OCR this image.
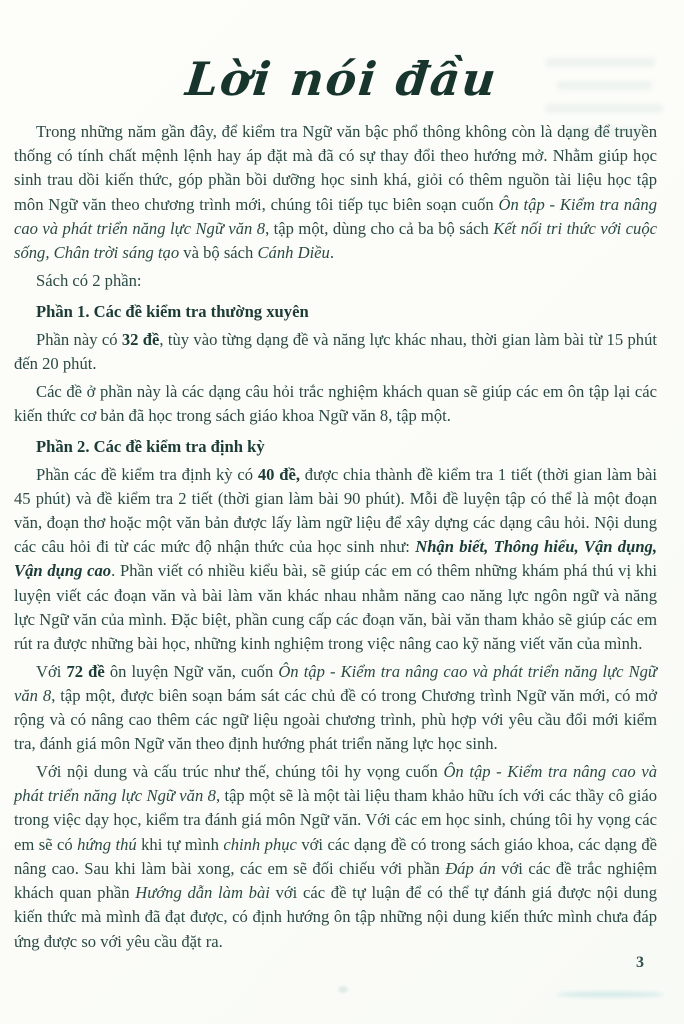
Lời nói đầu

Trong những năm gần đây, để kiểm tra Ngữ văn bậc phổ thông không còn là dạng để truyền thống có tính chất mệnh lệnh hay áp đặt mà đã có sự thay đổi theo hướng mở. Nhằm giúp học sinh trau dồi kiến thức, góp phần bồi dưỡng học sinh khá, giỏi có thêm nguồn tài liệu học tập môn Ngữ văn theo chương trình mới, chúng tôi tiếp tục biên soạn cuốn Ôn tập - Kiểm tra nâng cao và phát triển năng lực Ngữ văn 8, tập một, dùng cho cả ba bộ sách Kết nối tri thức với cuộc sống, Chân trời sáng tạo và bộ sách Cánh Diều.

Sách có 2 phần:

Phần 1. Các đề kiểm tra thường xuyên

Phần này có 32 đề, tùy vào từng dạng đề và năng lực khác nhau, thời gian làm bài từ 15 phút đến 20 phút.

Các đề ở phần này là các dạng câu hỏi trắc nghiệm khách quan sẽ giúp các em ôn tập lại các kiến thức cơ bản đã học trong sách giáo khoa Ngữ văn 8, tập một.

Phần 2. Các đề kiểm tra định kỳ

Phần các đề kiểm tra định kỳ có 40 đề, được chia thành đề kiểm tra 1 tiết (thời gian làm bài 45 phút) và đề kiểm tra 2 tiết (thời gian làm bài 90 phút). Mỗi đề luyện tập có thể là một đoạn văn, đoạn thơ hoặc một văn bản được lấy làm ngữ liệu để xây dựng các dạng câu hỏi. Nội dung các câu hỏi đi từ các mức độ nhận thức của học sinh như: Nhận biết, Thông hiểu, Vận dụng, Vận dụng cao. Phần viết có nhiều kiểu bài, sẽ giúp các em có thêm những khám phá thú vị khi luyện viết các đoạn văn và bài làm văn khác nhau nhằm năng cao năng lực ngôn ngữ và năng lực Ngữ văn của mình. Đặc biệt, phần cung cấp các đoạn văn, bài văn tham khảo sẽ giúp các em rút ra được những bài học, những kinh nghiệm trong việc nâng cao kỹ năng viết văn của mình.

Với 72 đề ôn luyện Ngữ văn, cuốn Ôn tập - Kiểm tra nâng cao và phát triển năng lực Ngữ văn 8, tập một, được biên soạn bám sát các chủ đề có trong Chương trình Ngữ văn mới, có mở rộng và có nâng cao thêm các ngữ liệu ngoài chương trình, phù hợp với yêu cầu đổi mới kiểm tra, đánh giá môn Ngữ văn theo định hướng phát triển năng lực học sinh.

Với nội dung và cấu trúc như thế, chúng tôi hy vọng cuốn Ôn tập - Kiểm tra nâng cao và phát triển năng lực Ngữ văn 8, tập một sẽ là một tài liệu tham khảo hữu ích với các thầy cô giáo trong việc dạy học, kiểm tra đánh giá môn Ngữ văn. Với các em học sinh, chúng tôi hy vọng các em sẽ có hứng thú khi tự mình chinh phục với các dạng đề có trong sách giáo khoa, các dạng đề nâng cao. Sau khi làm bài xong, các em sẽ đối chiếu với phần Đáp án với các đề trắc nghiệm khách quan phần Hướng dẫn làm bài với các đề tự luận để có thể tự đánh giá được nội dung kiến thức mà mình đã đạt được, có định hướng ôn tập những nội dung kiến thức mình chưa đáp ứng được so với yêu cầu đặt ra.

3
